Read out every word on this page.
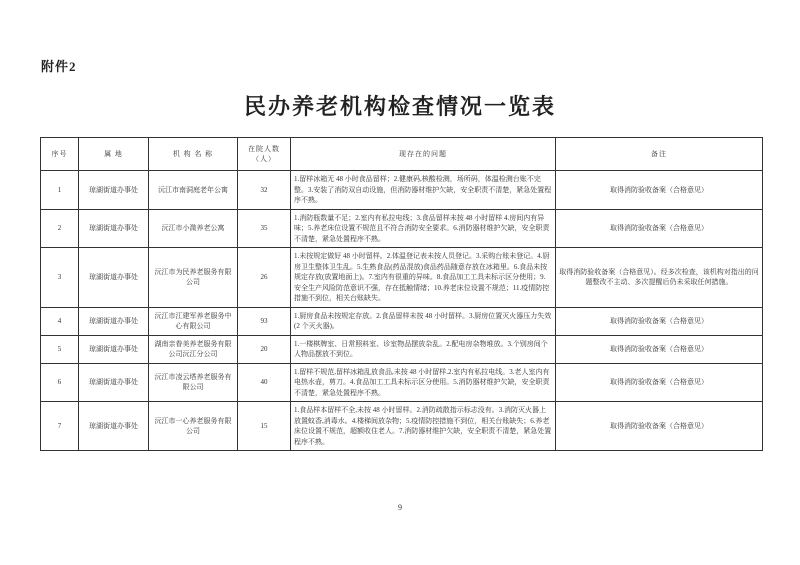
附件2
民办养老机构检查情况一览表
序号	属 地	机 构 名 称	在院人数（人）	现存在的问题	备注
1	琼湖街道办事处	沅江市南洞庭老年公寓	32	1.留样冰箱无 48 小时食品留样；2.健康码,核酸检测，场所码，体温检测台账不完整。3.安装了消防双自动设施，但消防器材维护欠缺，安全职责不清楚，紧急处置程序不熟。	取得消防验收备案（合格意见）
2	琼湖街道办事处	沅江市小溦养老公寓	35	1.消防瓶数量不足；2.室内有私拉电线；3.食品留样未按 48 小时留样 4.房间内有异味；5.养老床位设置不规范且不符合消防安全要求。6.消防器材维护欠缺，安全职责不清楚，紧急处置程序不熟。	取得消防验收备案（合格意见）
3	琼湖街道办事处	沅江市为民养老服务有限公司	26	1.未按规定做好 48 小时留样。2.体温登记表未按人员登记。3.采购台账未登记。4.厨房卫生整体卫生乱。5.生熟食品(药品混放)食品药品随意存放在冰箱里。6.食品未按规定存放(放置地面上)。7.室内有很重的异味。8.食品加工工具未标示区分使用；9.安全生产风险防范意识不强，存在抵触情绪；10.养老床位设置不规范；11.疫情防控措施不到位，相关台账缺失。	取得消防验收备案（合格意见）。经多次检查，该机构对指出的问题整改不主动、多次提醒后仍未采取任何措施。
4	琼湖街道办事处	沅江市江建军养老服务中心有限公司	93	1.厨房食品未按规定存放。2.食品留样未按 48 小时留样。3.厨房位置灭火器压力失效(2 个灭火器)。	取得消防验收备案（合格意见）
5	琼湖街道办事处	湖南亲眷美养老服务有限公司沅江分公司	20	1.一楼棋牌室、日常照料室、诊室物品摆放杂乱。2.配电房杂物堆放。3.个别房间个人物品摆放不到位。	取得消防验收备案（合格意见）
6	琼湖街道办事处	沅江市凌云塔养老服务有限公司	40	1.留样不规范,留样冰箱乱放食品,未按 48 小时留样.2.室内有私拉电线。3.老人室内有电热水壶，剪刀。4.食品加工工具未标示区分使用。5.消防器材维护欠缺，安全职责不清楚，紧急处置程序不熟。	取得消防验收备案（合格意见）
7	琼湖街道办事处	沅江市一心养老服务有限公司	15	1.食品样本留样不全,未按 48 小时留样。2.消防疏散指示标志没有。3.消防灭火器上放置蚊香,消毒水。4.楼梯间放杂物；5.疫情防控措施不到位，相关台账缺失；6.养老床位设置不规范，超额收住老人。7.消防器材维护欠缺，安全职责不清楚，紧急处置程序不熟。	取得消防验收备案（合格意见）
9
